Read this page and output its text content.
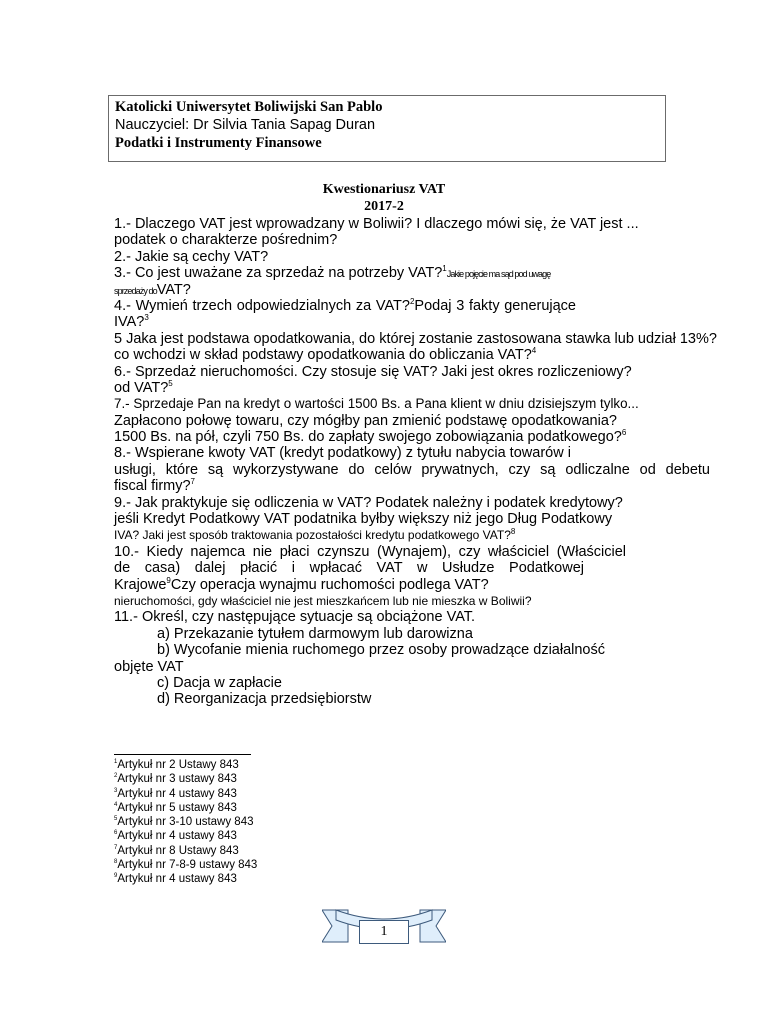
Katolicki Uniwersytet Boliwijski San Pablo
Nauczyciel: Dr Silvia Tania Sapag Duran
Podatki i Instrumenty Finansowe
Kwestionariusz VAT
2017-2
1.- Dlaczego VAT jest wprowadzany w Boliwii? I dlaczego mówi się, że VAT jest ...
podatek o charakterze pośrednim?
2.- Jakie są cechy VAT?
3.- Co jest uważane za sprzedaż na potrzeby VAT?$^1$Jakie pojęcie ma sąd pod uwagę
sprzedaży doVAT?
4.- Wymień trzech odpowiedzialnych za VAT?$^2$Podaj 3 fakty generujące
IVA?$^3$
5 Jaka jest podstawa opodatkowania, do której zostanie zastosowana stawka lub udział 13%?
co wchodzi w skład podstawy opodatkowania do obliczania VAT?$^4$
6.- Sprzedaż nieruchomości. Czy stosuje się VAT? Jaki jest okres rozliczeniowy?
od VAT?$^5$
7.- Sprzedaje Pan na kredyt o wartości 1500 Bs. a Pana klient w dniu dzisiejszym tylko...
Zapłacono połowę towaru, czy mógłby pan zmienić podstawę opodatkowania?
1500 Bs. na pół, czyli 750 Bs. do zapłaty swojego zobowiązania podatkowego?$^6$
8.- Wspierane kwoty VAT (kredyt podatkowy) z tytułu nabycia towarów i
usługi, które są wykorzystywane do celów prywatnych, czy są odliczalne od debetu
fiscal firmy?$^7$
9.- Jak praktykuje się odliczenia w VAT? Podatek należny i podatek kredytowy?
jeśli Kredyt Podatkowy VAT podatnika byłby większy niż jego Dług Podatkowy
IVA? Jaki jest sposób traktowania pozostałości kredytu podatkowego VAT?$^8$
10.- Kiedy najemca nie płaci czynszu (Wynajem), czy właściciel (Właściciel
de casa) dalej płacić i wpłacać VAT w Usłudze Podatkowej
Krajowe$^9$Czy operacja wynajmu ruchomości podlega VAT?
nieruchomości, gdy właściciel nie jest mieszkańcem lub nie mieszka w Boliwii?
11.- Określ, czy następujące sytuacje są obciążone VAT.
a) Przekazanie tytułem darmowym lub darowizna
b) Wycofanie mienia ruchomego przez osoby prowadzące działalność
objęte VAT
c) Dacja w zapłacie
d) Reorganizacja przedsiębiorstw
$^1$Artykuł nr 2 Ustawy 843
$^2$Artykuł nr 3 ustawy 843
$^3$Artykuł nr 4 ustawy 843
$^4$Artykuł nr 5 ustawy 843
$^5$Artykuł nr 3-10 ustawy 843
$^6$Artykuł nr 4 ustawy 843
$^7$Artykuł nr 8 Ustawy 843
$^8$Artykuł nr 7-8-9 ustawy 843
$^9$Artykuł nr 4 ustawy 843
1
